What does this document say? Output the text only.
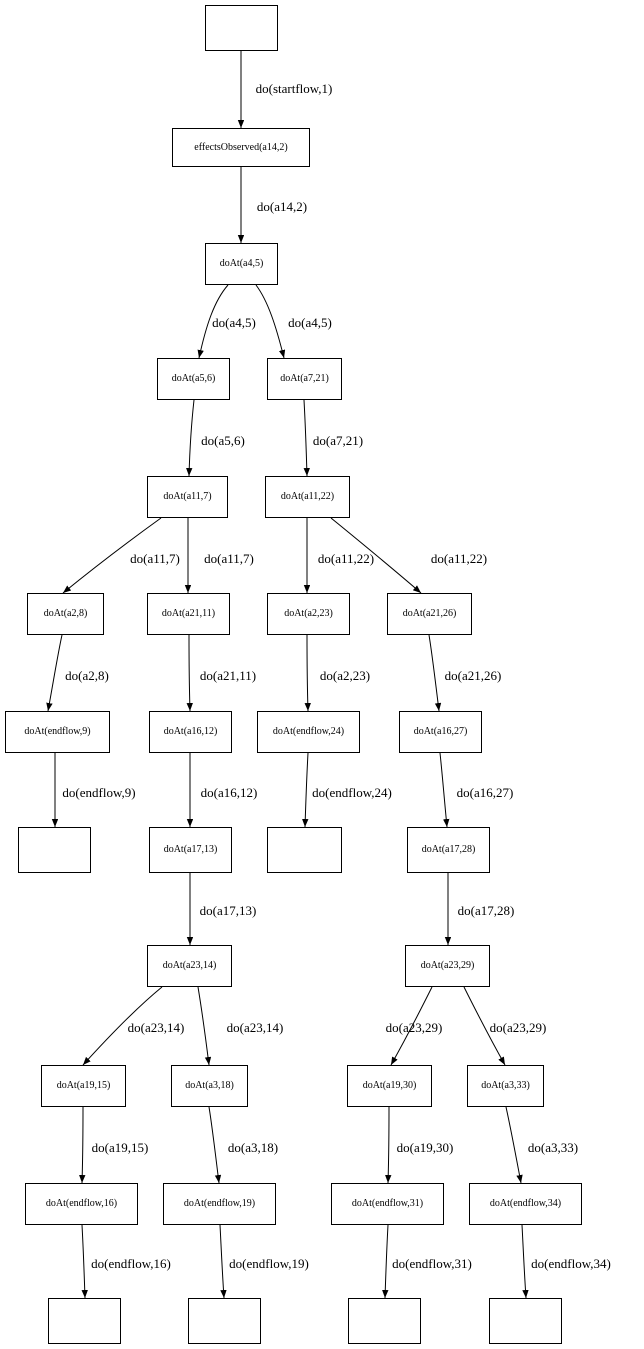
effectsObserved(a14,2)
doAt(a4,5)
doAt(a5,6)	doAt(a7,21)
doAt(a11,7)	doAt(a11,22)
doAt(a2,8)	doAt(a21,11)	doAt(a2,23)	doAt(a21,26)
doAt(endflow,9)	doAt(a16,12)	doAt(endflow,24)	doAt(a16,27)
doAt(a17,13)	doAt(a17,28)
doAt(a23,14)	doAt(a23,29)
doAt(a19,15)	doAt(a3,18)	doAt(a19,30)	doAt(a3,33)
doAt(endflow,16)	doAt(endflow,19)	doAt(endflow,31)	doAt(endflow,34)
do(startflow,1)
do(a14,2)
do(a4,5) do(a4,5)
do(a5,6)	do(a7,21)
do(a11,7) do(a11,7)	do(a11,22)	do(a11,22)
do(a2,8)	do(a21,11)	do(a2,23)	do(a21,26)
do(endflow,9)	do(a16,12)	do(endflow,24)	do(a16,27)
do(a17,13)	do(a17,28)
do(a23,14)	do(a23,14)	do(a23,29)	do(a23,29)
do(a19,15)	do(a3,18)	do(a19,30)	do(a3,33)
do(endflow,16)	do(endflow,19)	do(endflow,31)	do(endflow,34)
